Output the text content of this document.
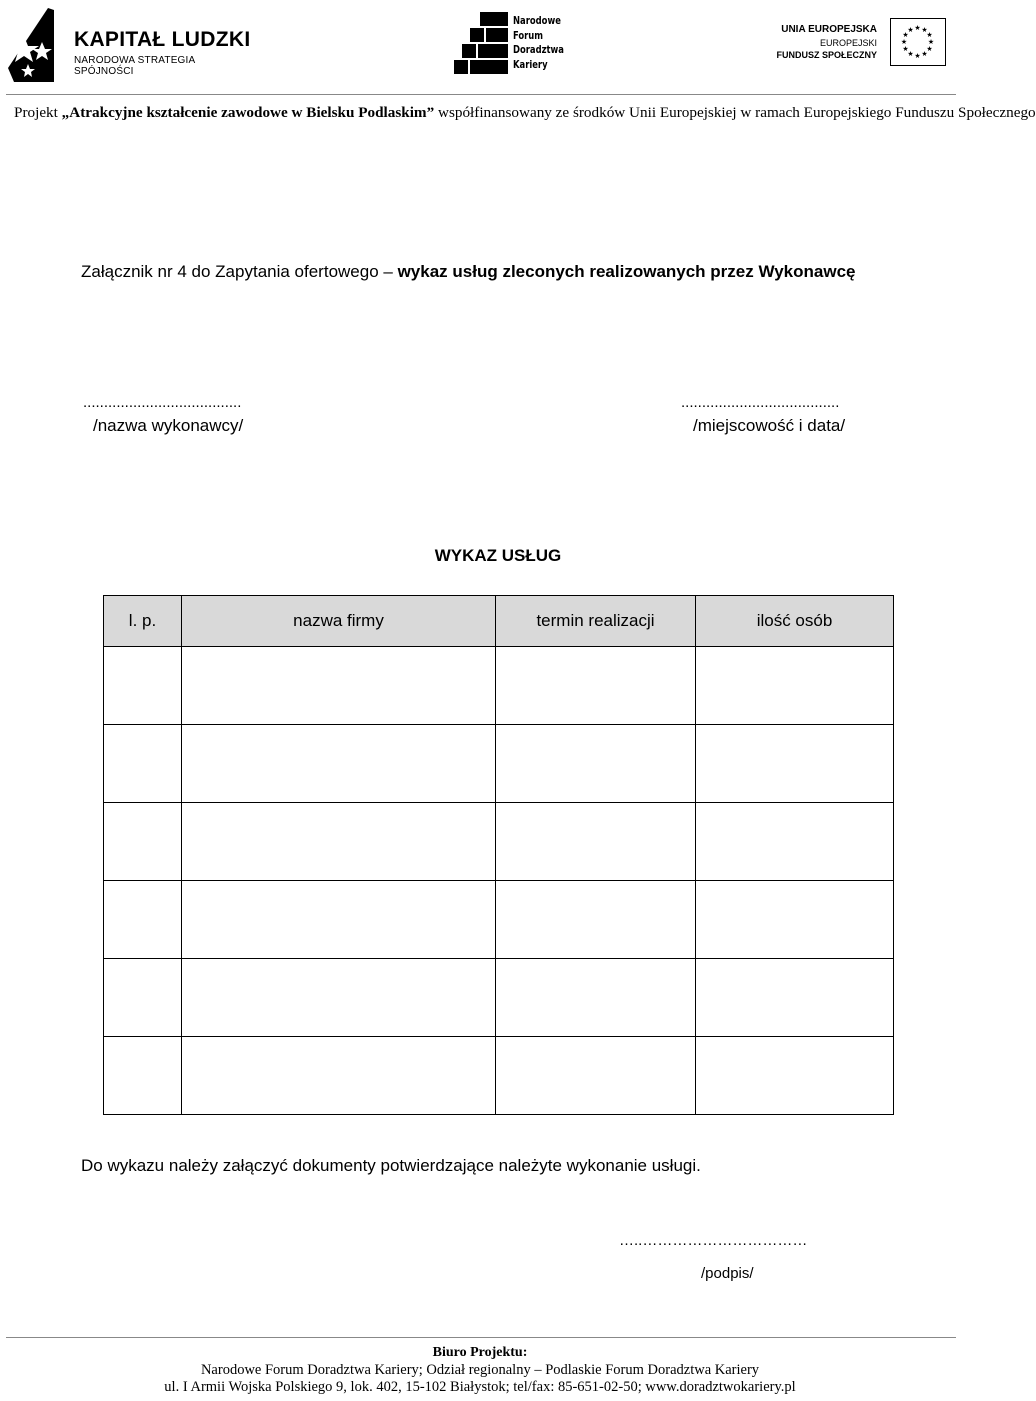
KAPITAŁ LUDZKI
NARODOWA STRATEGIA SPÓJNOŚCI
Narodowe
Forum
Doradztwa
Kariery
UNIA EUROPEJSKA
EUROPEJSKI
FUNDUSZ SPOŁECZNY
★ ★
★
★
★
★
★
★
★
★
★
★
Projekt „Atrakcyjne kształcenie zawodowe w Bielsku Podlaskim” współfinansowany ze środków Unii Europejskiej w ramach Europejskiego Funduszu Społecznego
Załącznik nr 4 do Zapytania ofertowego – wykaz usług zleconych realizowanych przez Wykonawcę
......................................
/nazwa wykonawcy/
......................................
/miejscowość i data/
WYKAZ USŁUG
l. p.	nazwa firmy	termin realizacji	ilość osób

Do wykazu należy załączyć dokumenty potwierdzające należyte wykonanie usługi.
…..……………………………
/podpis/
Biuro Projektu:
Narodowe Forum Doradztwa Kariery; Odział regionalny – Podlaskie Forum Doradztwa Kariery
ul. I Armii Wojska Polskiego 9, lok. 402, 15-102 Białystok; tel/fax: 85-651-02-50; www.doradztwokariery.pl
